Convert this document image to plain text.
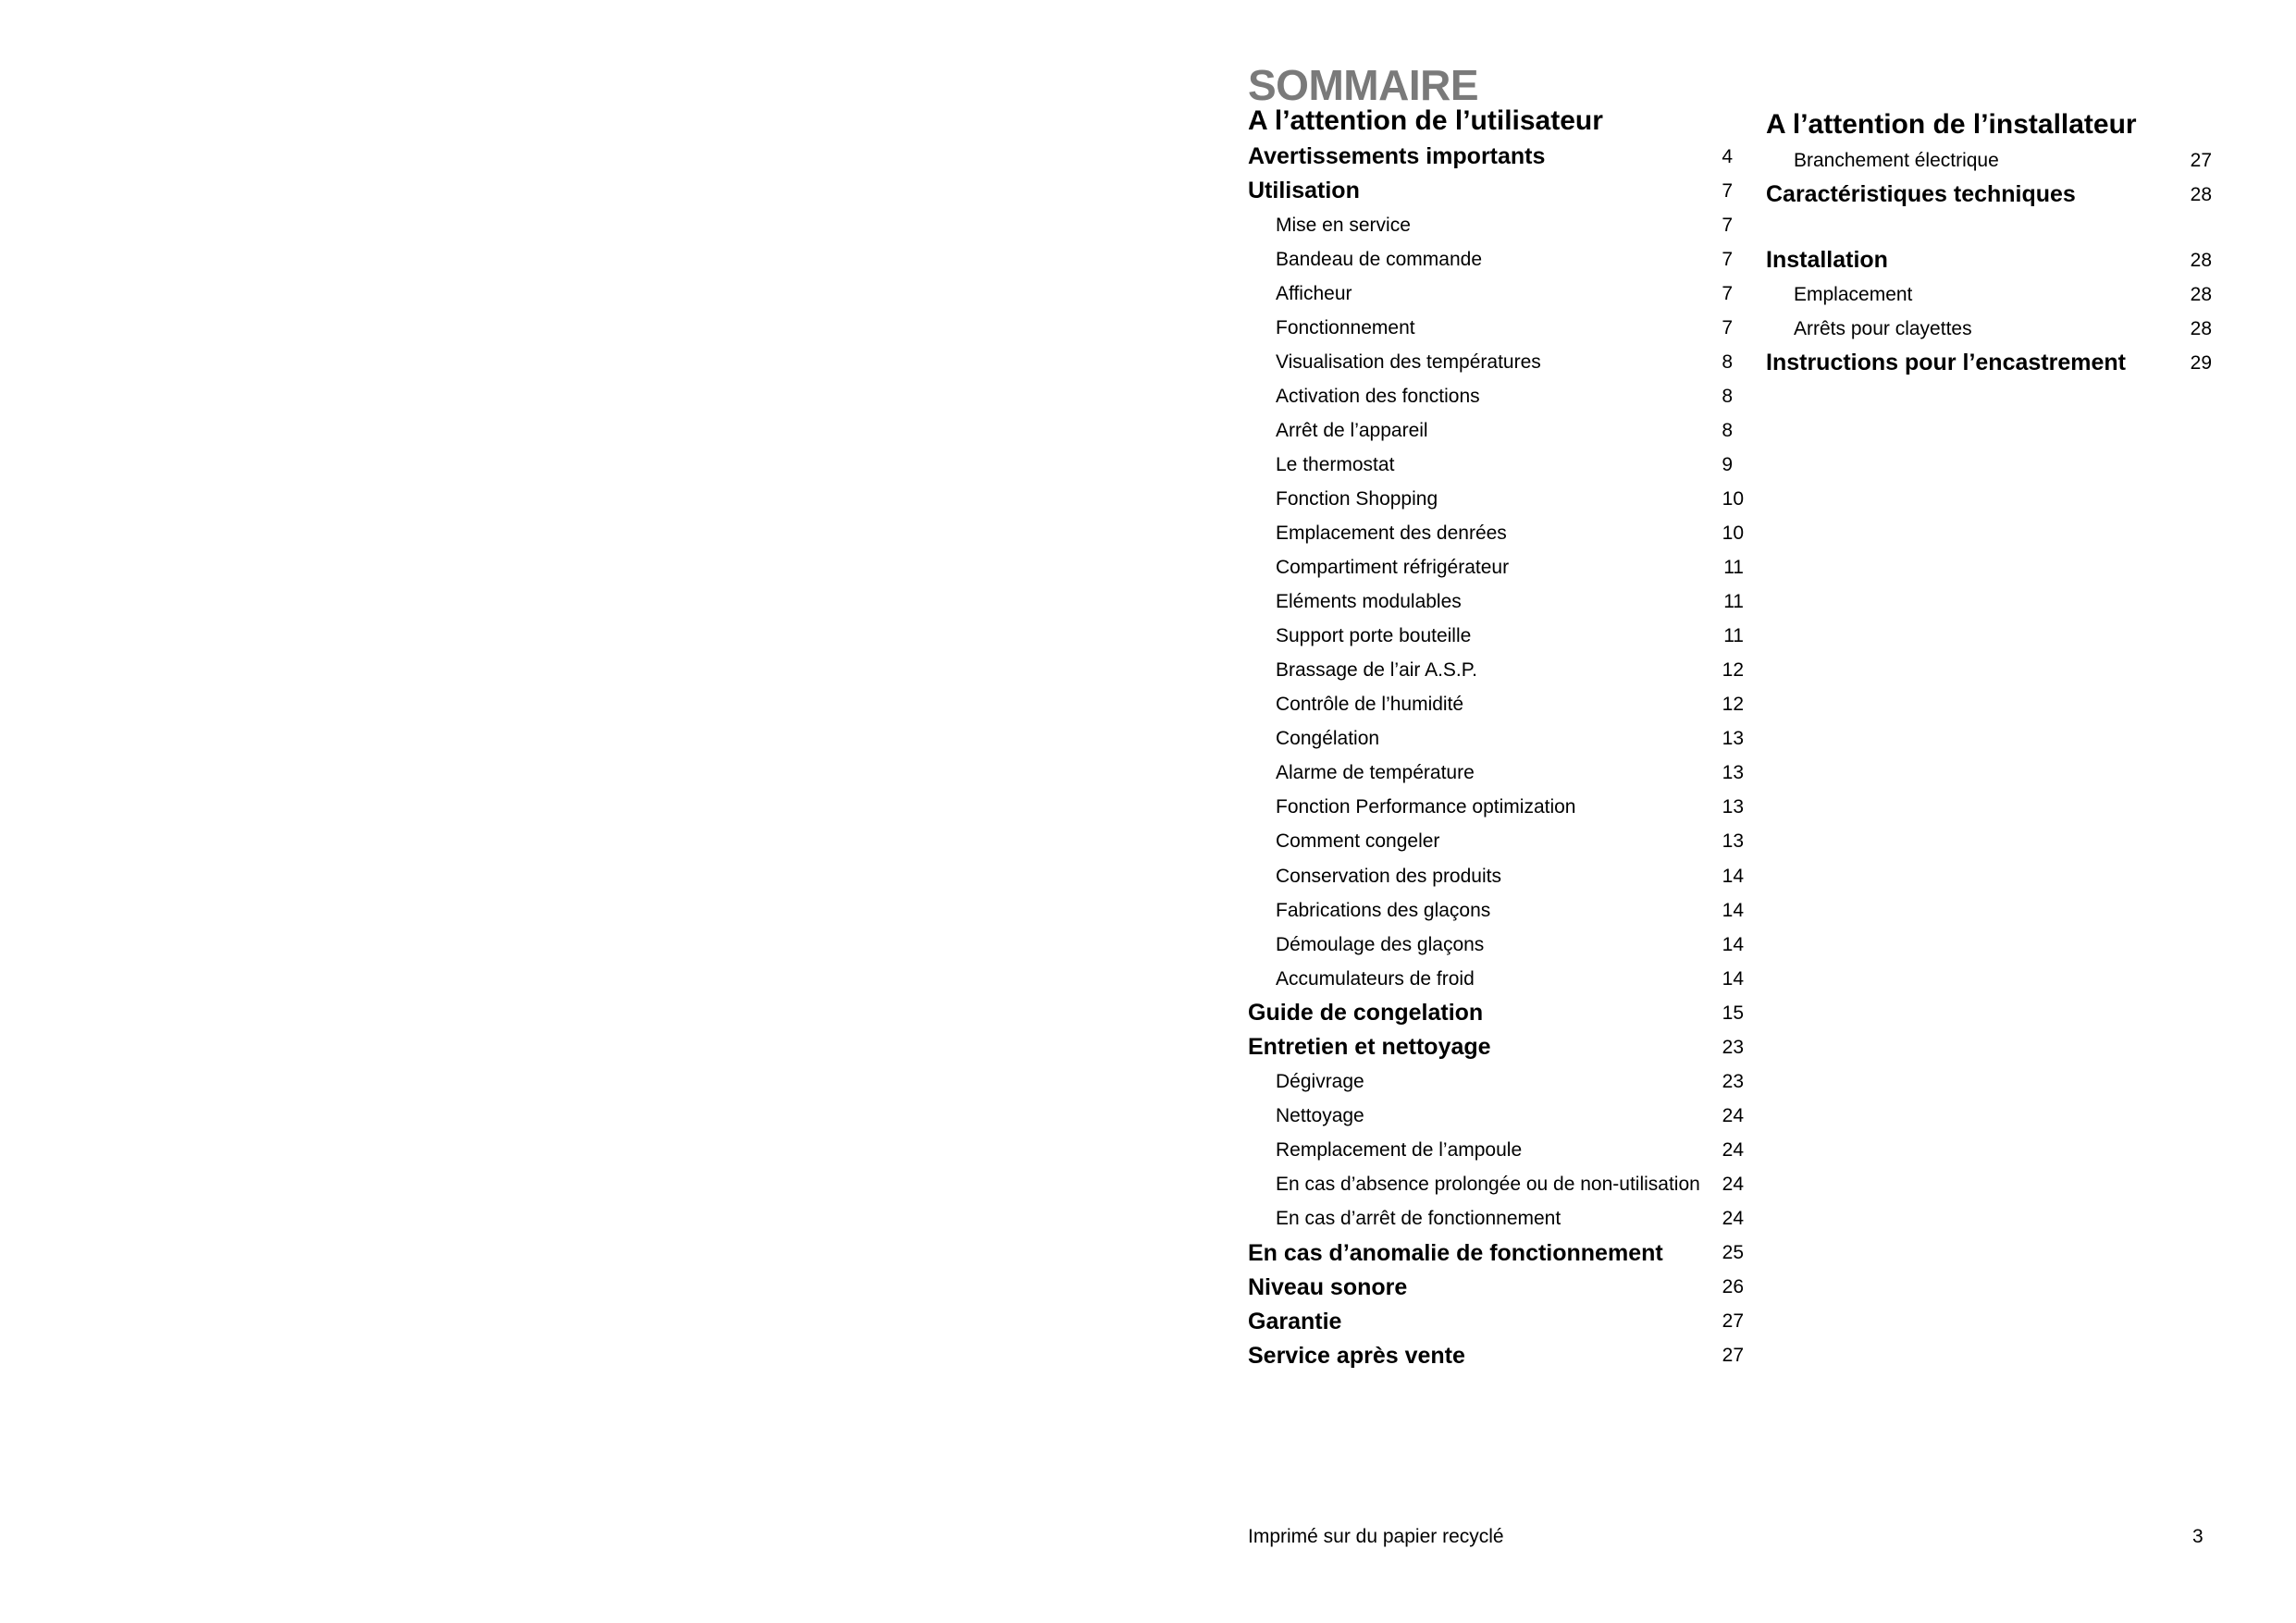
SOMMAIRE
A l’attention de l’utilisateur	A l’attention de l’installateur
Avertissements importants	4
Utilisation	7
Mise en service	7
Bandeau de commande	7
Afficheur	7
Fonctionnement	7
Visualisation des températures	8
Activation des fonctions	8
Arrêt de l’appareil	8
Le thermostat	9
Fonction Shopping	10
Emplacement des denrées	10
Compartiment réfrigérateur	11
Eléments modulables	11
Support porte bouteille	11
Brassage de l’air A.S.P.	12
Contrôle de l’humidité	12
Congélation	13
Alarme de température	13
Fonction Performance optimization	13
Comment congeler	13
Conservation des produits	14
Fabrications des glaçons	14
Démoulage des glaçons	14
Accumulateurs de froid	14
Guide de congelation	15
Entretien et nettoyage	23
Dégivrage	23
Nettoyage	24
Remplacement de l’ampoule	24
En cas d’absence prolongée ou de non-utilisation	24
En cas d’arrêt de fonctionnement	24
En cas d’anomalie de fonctionnement	25
Niveau sonore	26
Garantie	27
Service après vente	27
Branchement électrique	27
Caractéristiques techniques	28
Installation	28
Emplacement	28
Arrêts pour clayettes	28
Instructions pour l’encastrement	29
Imprimé sur du papier recyclé	3
